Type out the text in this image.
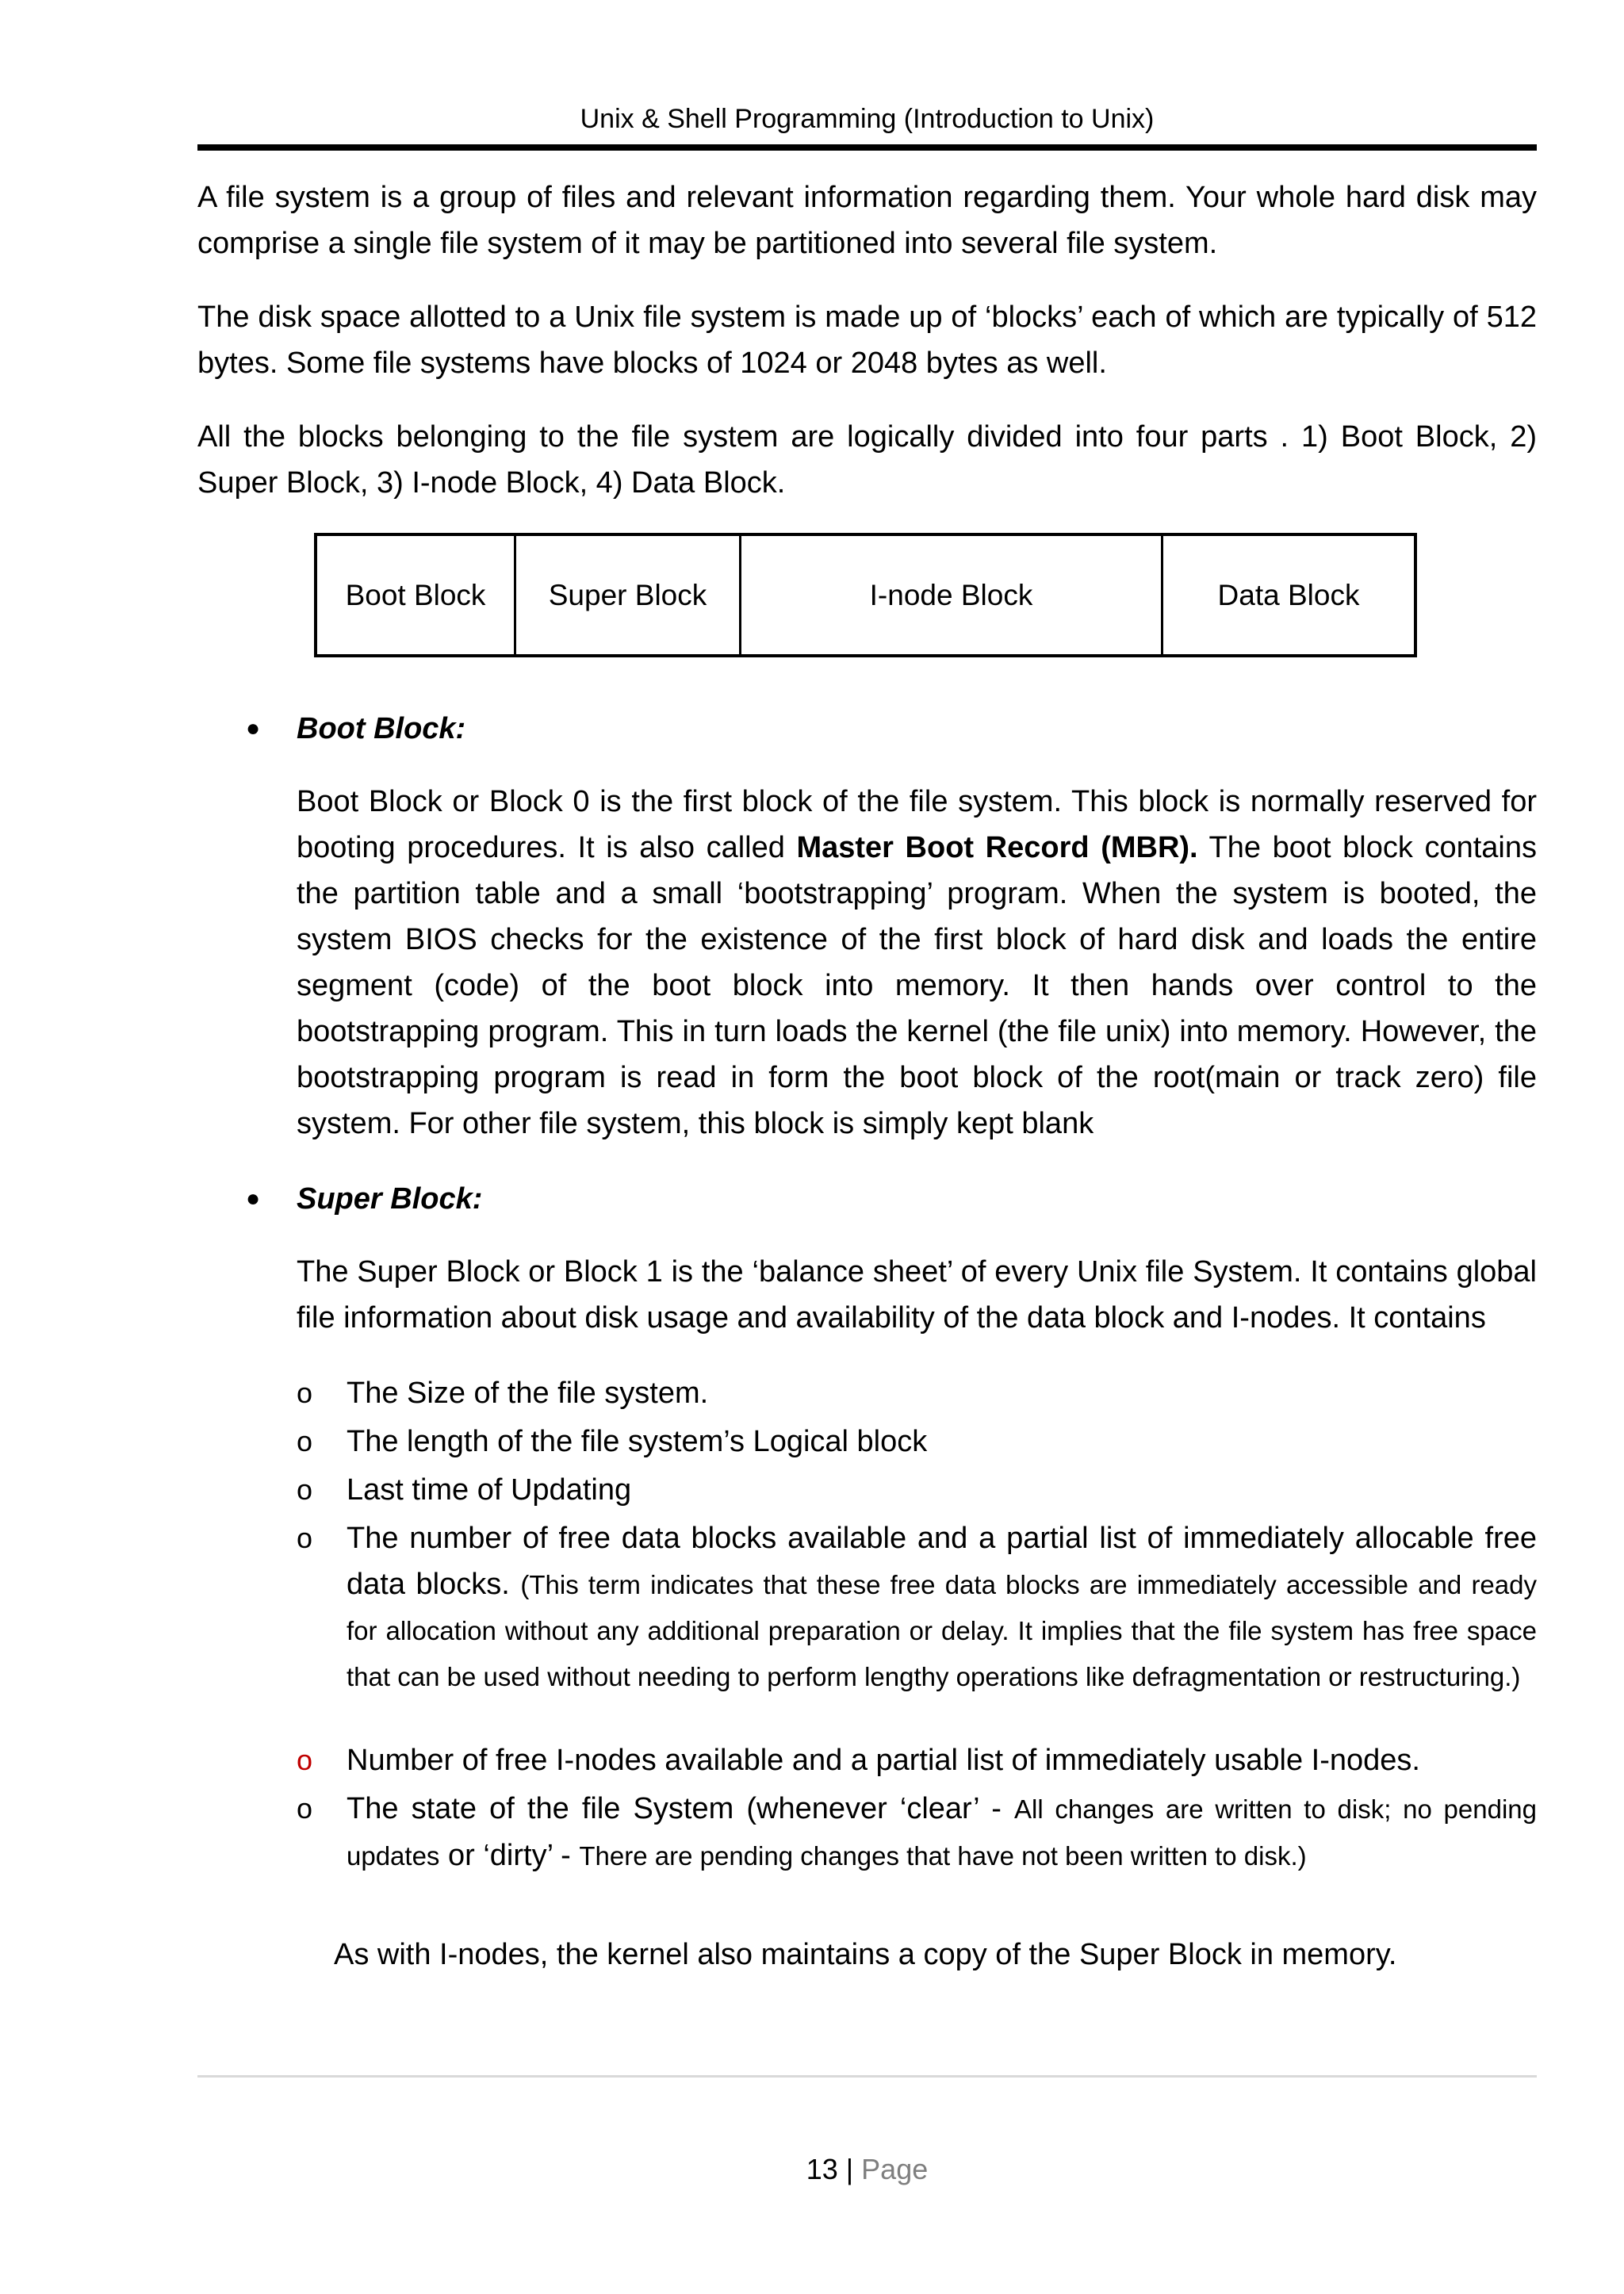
Unix & Shell Programming (Introduction to Unix)

A file system is a group of files and relevant information regarding them. Your whole hard disk may comprise a single file system of it may be partitioned into several file system.

The disk space allotted to a Unix file system is made up of ‘blocks’ each of which are typically of 512 bytes. Some file systems have blocks of 1024 or 2048 bytes as well.

All the blocks belonging to the file system are logically divided into four parts . 1) Boot Block, 2) Super Block, 3) I-node Block, 4) Data Block.

Boot Block	Super Block	I-node Block	Data Block
● Boot Block:

Boot Block or Block 0 is the first block of the file system. This block is normally reserved for booting procedures. It is also called Master Boot Record (MBR). The boot block contains the partition table and a small ‘bootstrapping’ program. When the system is booted, the system BIOS checks for the existence of the first block of hard disk and loads the entire segment (code) of the boot block into memory. It then hands over control to the bootstrapping program. This in turn loads the kernel (the file unix) into memory. However, the bootstrapping program is read in form the boot block of the root(main or track zero) file system. For other file system, this block is simply kept blank

● Super Block:

The Super Block or Block 1 is the ‘balance sheet’ of every Unix file System. It contains global file information about disk usage and availability of the data block and I-nodes. It contains

o The Size of the file system.

o The length of the file system’s Logical block

o Last time of Updating

o The number of free data blocks available and a partial list of immediately allocable free data blocks. (This term indicates that these free data blocks are immediately accessible and ready for allocation without any additional preparation or delay. It implies that the file system has free space that can be used without needing to perform lengthy operations like defragmentation or restructuring.)

o Number of free I-nodes available and a partial list of immediately usable I-nodes.

o The state of the file System (whenever ‘clear’ - All changes are written to disk; no pending updates or ‘dirty’ - There are pending changes that have not been written to disk.)

As with I-nodes, the kernel also maintains a copy of the Super Block in memory.

13 | Page
